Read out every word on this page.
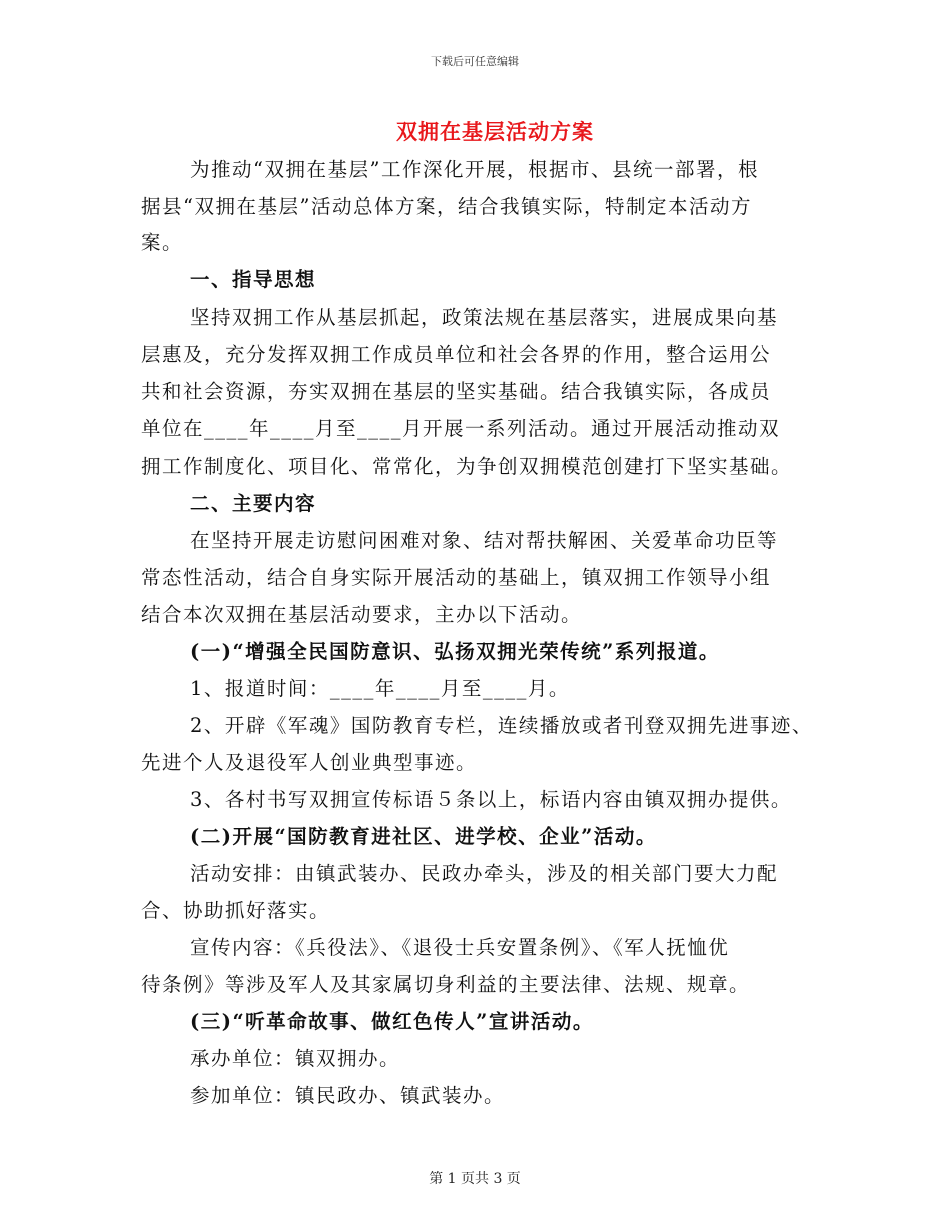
下载后可任意编辑
双拥在基层活动方案
为推动“双拥在基层”工作深化开展，根据市、县统一部署，根
据县“双拥在基层”活动总体方案，结合我镇实际，特制定本活动方
案。
一、指导思想
坚持双拥工作从基层抓起，政策法规在基层落实，进展成果向基
层惠及，充分发挥双拥工作成员单位和社会各界的作用，整合运用公
共和社会资源，夯实双拥在基层的坚实基础。结合我镇实际，各成员
单位在____年____月至____月开展一系列活动。通过开展活动推动双
拥工作制度化、项目化、常常化，为争创双拥模范创建打下坚实基础。
二、主要内容
在坚持开展走访慰问困难对象、结对帮扶解困、关爱革命功臣等
常态性活动，结合自身实际开展活动的基础上，镇双拥工作领导小组
结合本次双拥在基层活动要求，主办以下活动。
(一)“增强全民国防意识、弘扬双拥光荣传统”系列报道。
1、报道时间：____年____月至____月。
2、开辟《军魂》国防教育专栏，连续播放或者刊登双拥先进事迹、
先进个人及退役军人创业典型事迹。
3、各村书写双拥宣传标语５条以上，标语内容由镇双拥办提供。
(二)开展“国防教育进社区、进学校、企业”活动。
活动安排：由镇武装办、民政办牵头，涉及的相关部门要大力配
合、协助抓好落实。
宣传内容：《兵役法》、《退役士兵安置条例》、《军人抚恤优
待条例》等涉及军人及其家属切身利益的主要法律、法规、规章。
(三)“听革命故事、做红色传人”宣讲活动。
承办单位：镇双拥办。
参加单位：镇民政办、镇武装办。
第 1 页共 3 页
